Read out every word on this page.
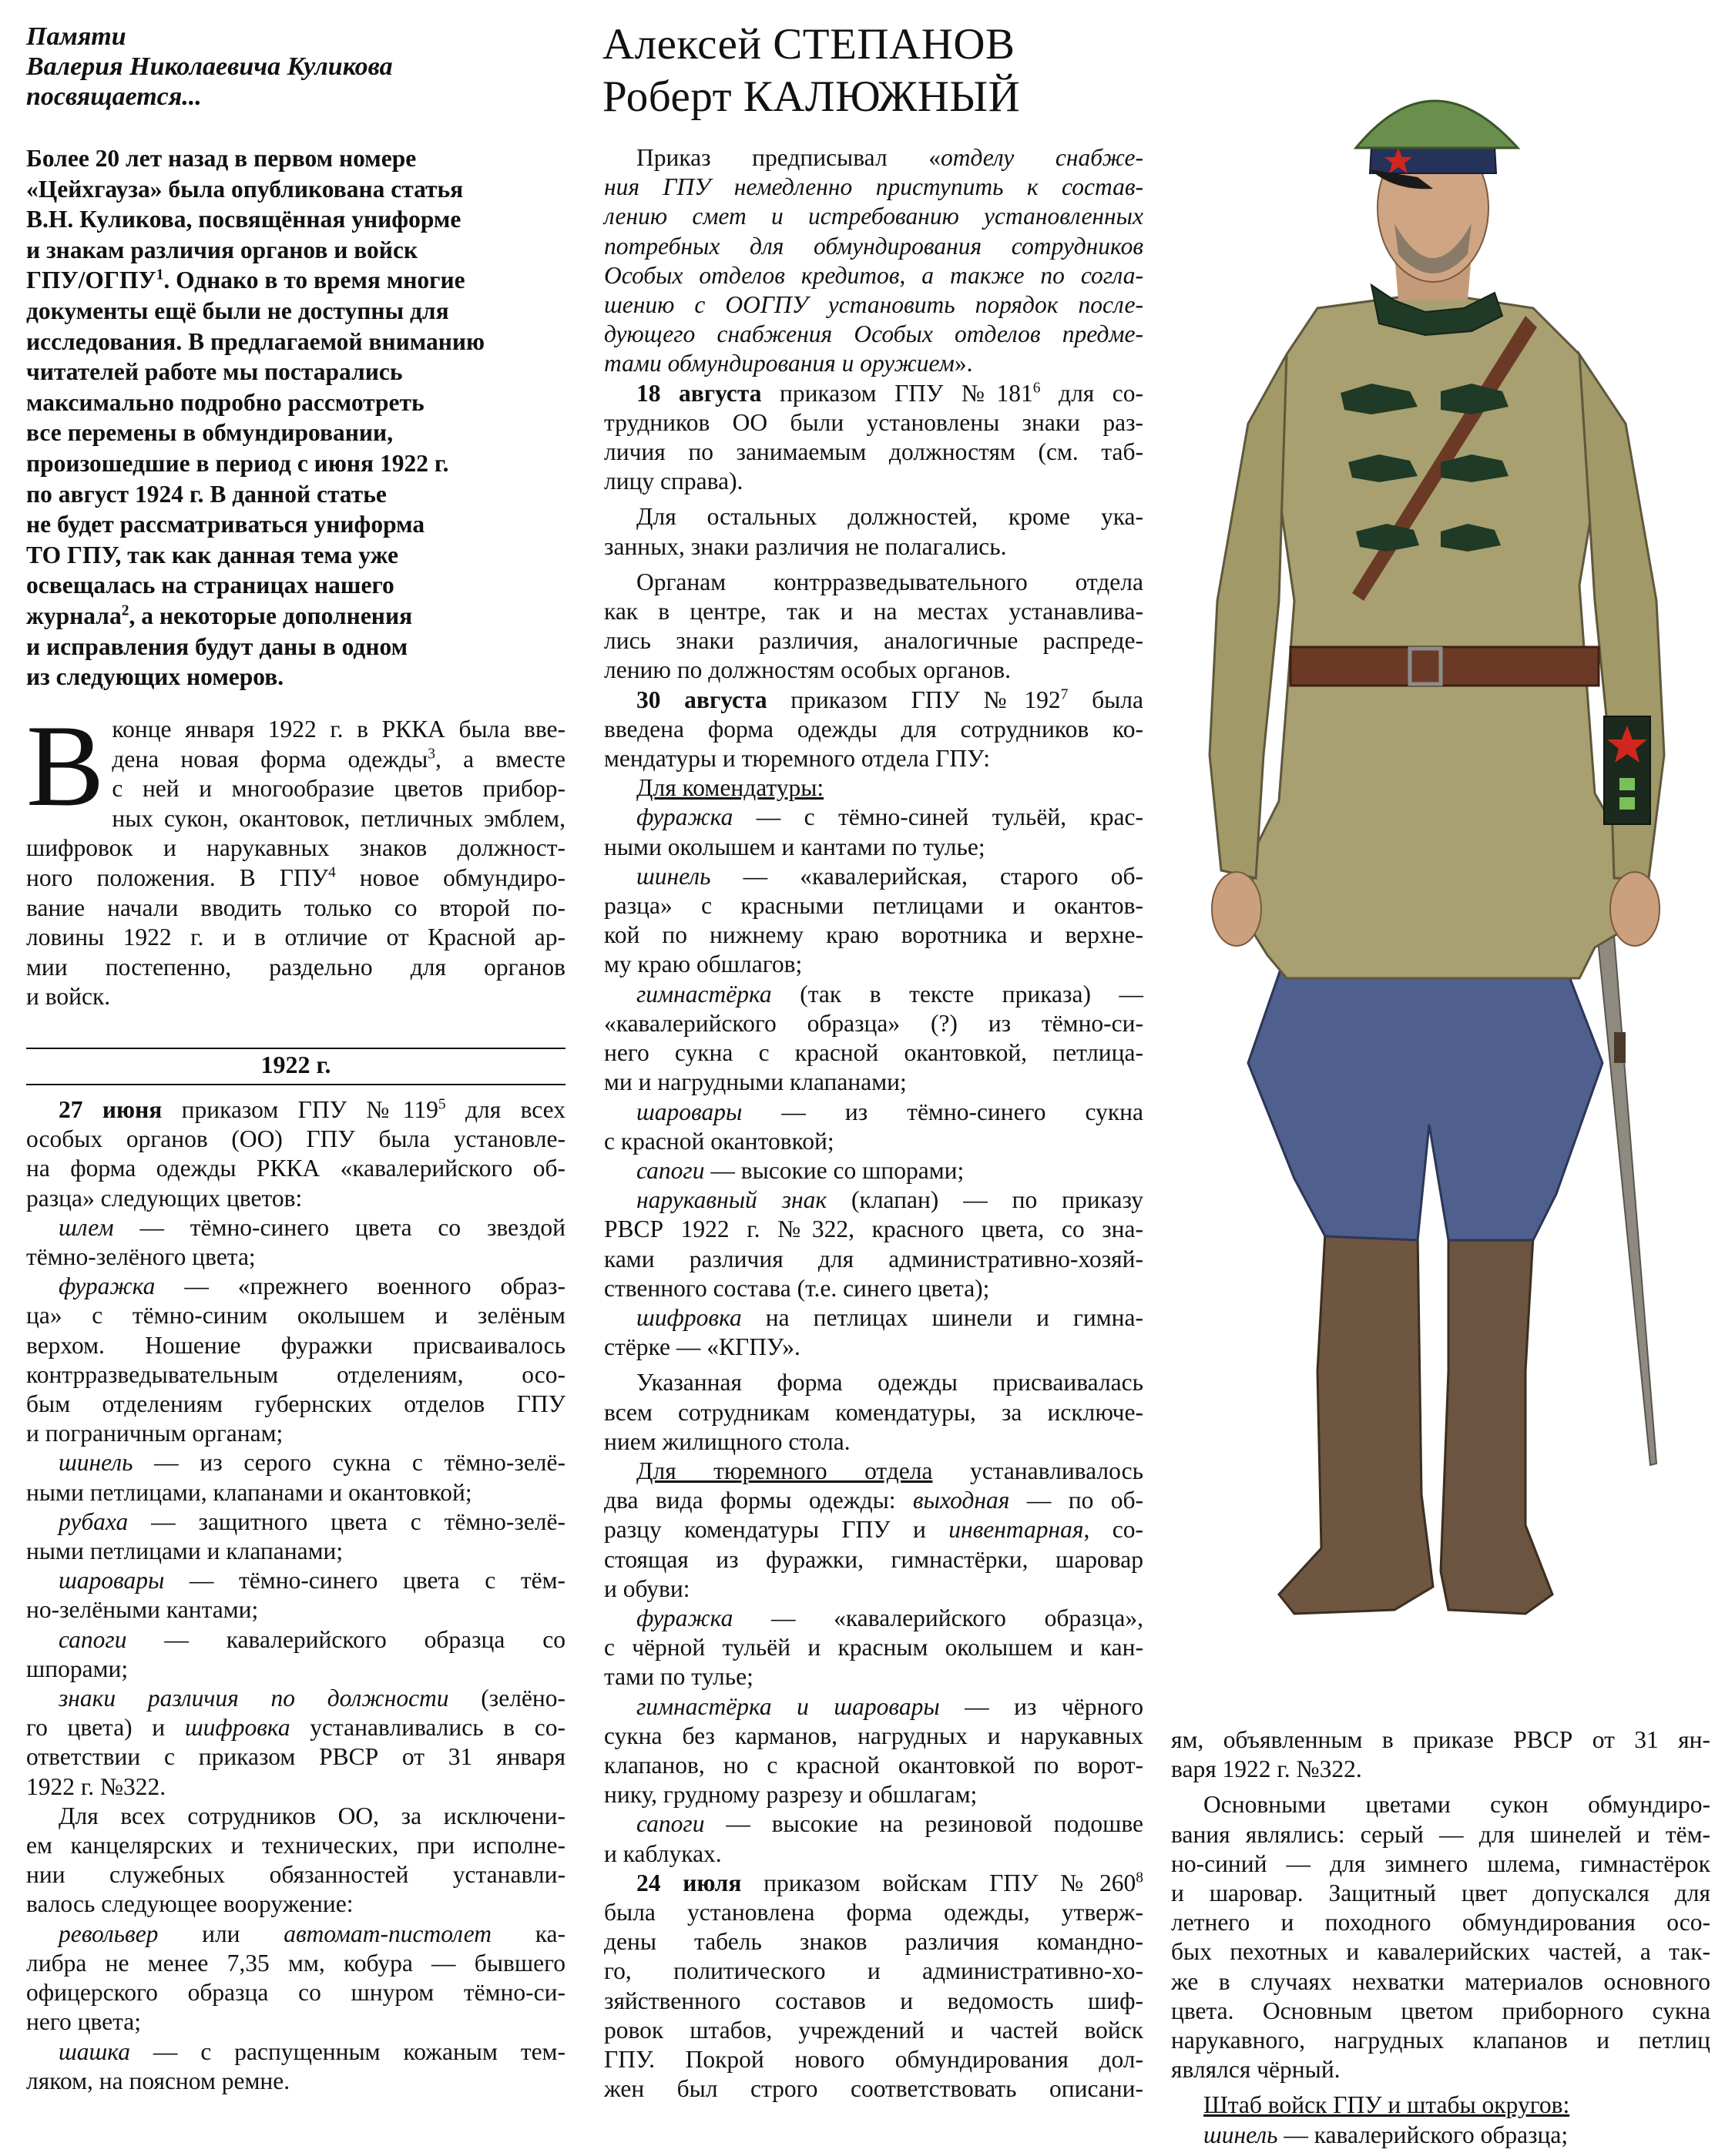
Памяти

Валерия Николаевича Куликова

посвящается...

Алексей СТЕПАНОВ

Роберт КАЛЮЖНЫЙ

Более 20 лет назад в первом номере

«Цейхгауза» была опубликована статья

В.Н. Куликова, посвящённая униформе

и знакам различия органов и войск

ГПУ/ОГПУ$^1$. Однако в то время многие

документы ещё были не доступны для

исследования. В предлагаемой вниманию

читателей работе мы постарались

максимально подробно рассмотреть

все перемены в обмундировании,

произошедшие в период с июня 1922 г.

по август 1924 г. В данной статье

не будет рассматриваться униформа

ТО ГПУ, так как данная тема уже

освещалась на страницах нашего

журнала$^2$, а некоторые дополнения

и исправления будут даны в одном

из следующих номеров.

В конце января 1922 г. в РККА была вве-

дена новая форма одежды$^3$, а вместе

с ней и многообразие цветов прибор-

ных сукон, окантовок, петличных эмблем,

шифровок и нарукавных знаков должност-

ного положения. В ГПУ$^4$ новое обмундиро-

вание начали вводить только со второй по-

ловины 1922 г. и в отличие от Красной ар-

мии постепенно, раздельно для органов

и войск.

1922 г.

27 июня приказом ГПУ $№119^5$ для всех

особых органов (ОО) ГПУ была установле-

на форма одежды РККА «кавалерийского об-

разца» следующих цветов:

шлем — тёмно-синего цвета со звездой

тёмно-зелёного цвета;

фуражка — «прежнего военного образ-

ца» с тёмно-синим околышем и зелёным

верхом. Ношение фуражки присваивалось

контрразведывательным отделениям, осо-

бым отделениям губернских отделов ГПУ

и пограничным органам;

шинель — из серого сукна с тёмно-зелё-

ными петлицами, клапанами и окантовкой;

рубаха — защитного цвета с тёмно-зелё-

ными петлицами и клапанами;

шаровары — тёмно-синего цвета с тём-

но-зелёными кантами;

сапоги — кавалерийского образца со

шпорами;

знаки различия по должности (зелёно-

го цвета) и шифровка устанавливались в со-

ответствии с приказом РВСР от 31 января

1922 г. №322.

Для всех сотрудников ОО, за исключени-

ем канцелярских и технических, при исполне-

нии служебных обязанностей устанавли-

валось следующее вооружение:

револьвер или автомат-пистолет ка-

либра не менее 7,35 мм, кобура — бывшего

офицерского образца со шнуром тёмно-си-

него цвета;

шашка — с распущенным кожаным тем-

ляком, на поясном ремне.

Приказ предписывал «отделу снабже-

ния ГПУ немедленно приступить к состав-

лению смет и истребованию установленных

потребных для обмундирования сотрудников

Особых отделов кредитов, а также по согла-

шению с ООГПУ установить порядок после-

дующего снабжения Особых отделов предме-

тами обмундирования и оружием».

18 августа приказом ГПУ $№181^6$ для со-

трудников ОО были установлены знаки раз-

личия по занимаемым должностям (см. таб-

лицу справа).

Для остальных должностей, кроме ука-

занных, знаки различия не полагались.

Органам контрразведывательного отдела

как в центре, так и на местах устанавлива-

лись знаки различия, аналогичные распреде-

лению по должностям особых органов.

30 августа приказом ГПУ $№192^7$ была

введена форма одежды для сотрудников ко-

мендатуры и тюремного отдела ГПУ:

Для комендатуры:

фуражка — с тёмно-синей тульёй, крас-

ными околышем и кантами по тулье;

шинель — «кавалерийская, старого об-

разца» с красными петлицами и окантов-

кой по нижнему краю воротника и верхне-

му краю обшлагов;

гимнастёрка (так в тексте приказа) —

«кавалерийского образца» (?) из тёмно-си-

него сукна с красной окантовкой, петлица-

ми и нагрудными клапанами;

шаровары — из тёмно-синего сукна

с красной окантовкой;

сапоги — высокие со шпорами;

нарукавный знак (клапан) — по приказу

РВСР 1922 г. №322, красного цвета, со зна-

ками различия для административно-хозяй-

ственного состава (т.е. синего цвета);

шифровка на петлицах шинели и гимна-

стёрке — «КГПУ».

Указанная форма одежды присваивалась

всем сотрудникам комендатуры, за исключе-

нием жилищного стола.

Для тюремного отдела устанавливалось

два вида формы одежды: выходная — по об-

разцу комендатуры ГПУ и инвентарная, со-

стоящая из фуражки, гимнастёрки, шаровар

и обуви:

фуражка — «кавалерийского образца»,

с чёрной тульёй и красным околышем и кан-

тами по тулье;

гимнастёрка и шаровары — из чёрного

сукна без карманов, нагрудных и нарукавных

клапанов, но с красной окантовкой по ворот-

нику, грудному разрезу и обшлагам;

сапоги — высокие на резиновой подошве

и каблуках.

24 июля приказом войскам ГПУ $№260^8$

была установлена форма одежды, утверж-

дены табель знаков различия командно-

го, политического и административно-хо-

зяйственного составов и ведомость шиф-

ровок штабов, учреждений и частей войск

ГПУ. Покрой нового обмундирования дол-

жен был строго соответствовать описани-

ям, объявленным в приказе РВСР от 31 ян-

варя 1922 г. №322.

Основными цветами сукон обмундиро-

вания являлись: серый — для шинелей и тём-

но-синий — для зимнего шлема, гимнастёрок

и шаровар. Защитный цвет допускался для

летнего и походного обмундирования осо-

бых пехотных и кавалерийских частей, а так-

же в случаях нехватки материалов основного

цвета. Основным цветом приборного сукна

нарукавного, нагрудных клапанов и петлиц

являлся чёрный.

Штаб войск ГПУ и штабы округов:

шинель — кавалерийского образца;
